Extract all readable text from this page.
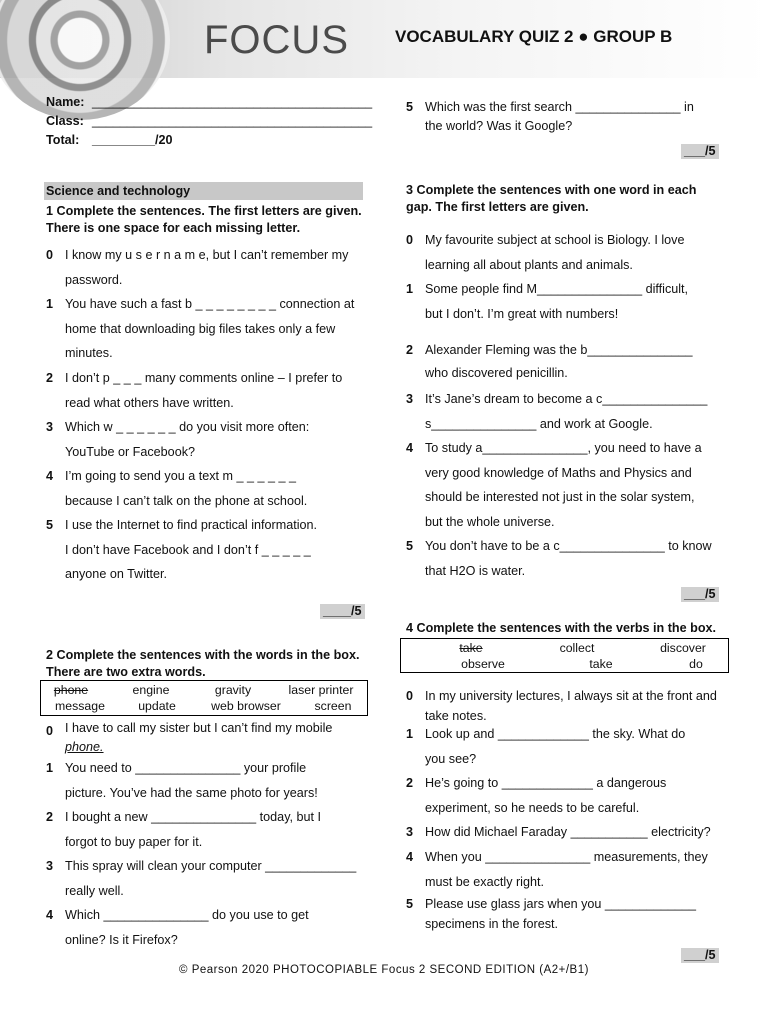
FOCUS	VOCABULARY QUIZ 2 ● GROUP B
Name: ________________________________________
Class: ________________________________________
Total: _________/20
Science and technology
1 Complete the sentences. The first letters are given.
There is one space for each missing letter.
0 I know my u s e r n a m e, but I can’t remember my
password.
1 You have such a fast b _ _ _ _ _ _ _ _ connection at
home that downloading big files takes only a few
minutes.
2 I don’t p _ _ _ many comments online – I prefer to
read what others have written.
3 Which w _ _ _ _ _ _ do you visit more often:
YouTube or Facebook?
4 I’m going to send you a text m _ _ _ _ _ _
because I can’t talk on the phone at school.
5 I use the Internet to find practical information.
I don’t have Facebook and I don’t f _ _ _ _ _
anyone on Twitter.
____/5
2 Complete the sentences with the words in the box.
There are two extra words.
phone	engine	gravity	laser printer
message	update	web browser	screen
0 I have to call my sister but I can’t find my mobile
phone.
1 You need to _______________ your profile
picture. You’ve had the same photo for years!
2 I bought a new _______________ today, but I
forgot to buy paper for it.
3 This spray will clean your computer _____________
really well.
4 Which _______________ do you use to get
online? Is it Firefox?
5 Which was the first search _______________ in
the world? Was it Google?
___/5
3 Complete the sentences with one word in each
gap. The first letters are given.
0 My favourite subject at school is Biology. I love
learning all about plants and animals.
1 Some people find M_______________ difficult,
but I don’t. I’m great with numbers!
2 Alexander Fleming was the b_______________
who discovered penicillin.
3 It’s Jane’s dream to become a c_______________
s_______________ and work at Google.
4 To study a_______________, you need to have a
very good knowledge of Maths and Physics and
should be interested not just in the solar system,
but the whole universe.
5 You don’t have to be a c_______________ to know
that H2O is water.
___/5
4 Complete the sentences with the verbs in the box.
take	collect	discover
observe	take	do
0 In my university lectures, I always sit at the front and
take notes.
1 Look up and _____________ the sky. What do
you see?
2 He’s going to _____________ a dangerous
experiment, so he needs to be careful.
3 How did Michael Faraday ___________ electricity?
4 When you _______________ measurements, they
must be exactly right.
5 Please use glass jars when you _____________
specimens in the forest.
___/5
© Pearson 2020 PHOTOCOPIABLE Focus 2 SECOND EDITION (A2+/B1)
